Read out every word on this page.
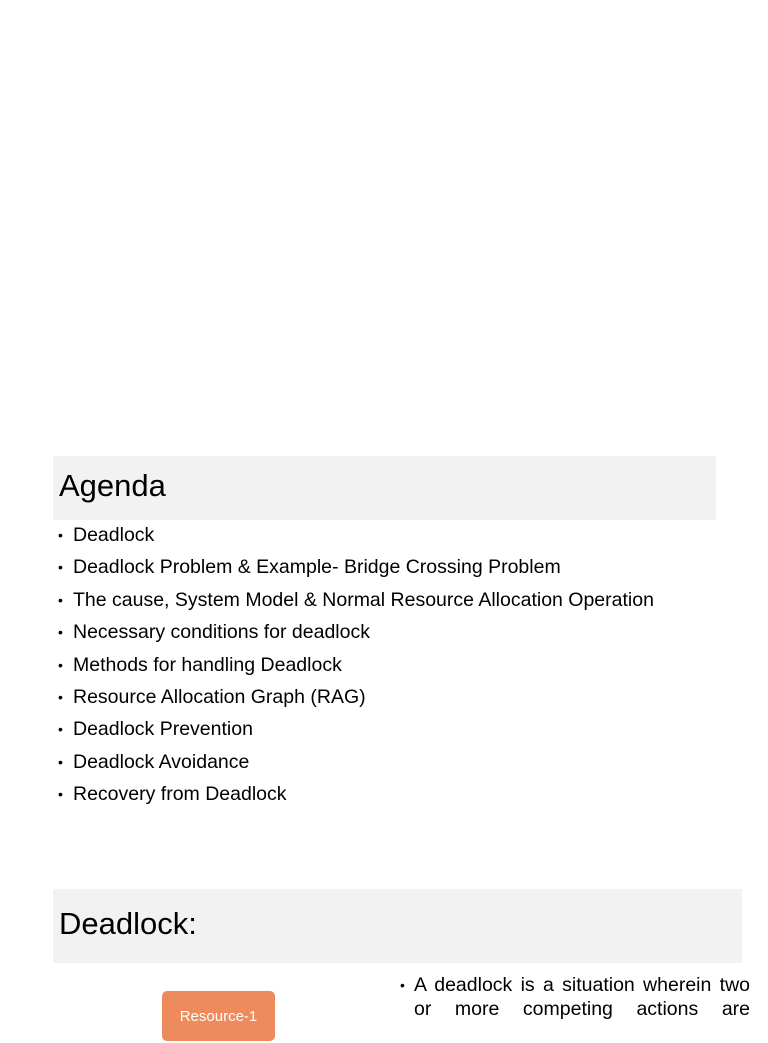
Agenda
• Deadlock
• Deadlock Problem & Example- Bridge Crossing Problem
• The cause, System Model & Normal Resource Allocation Operation
• Necessary conditions for deadlock
• Methods for handling Deadlock
• Resource Allocation Graph (RAG)
• Deadlock Prevention
• Deadlock Avoidance
• Recovery from Deadlock
Deadlock:
Resource-1
• A deadlock is a situation wherein two or more competing actions are
